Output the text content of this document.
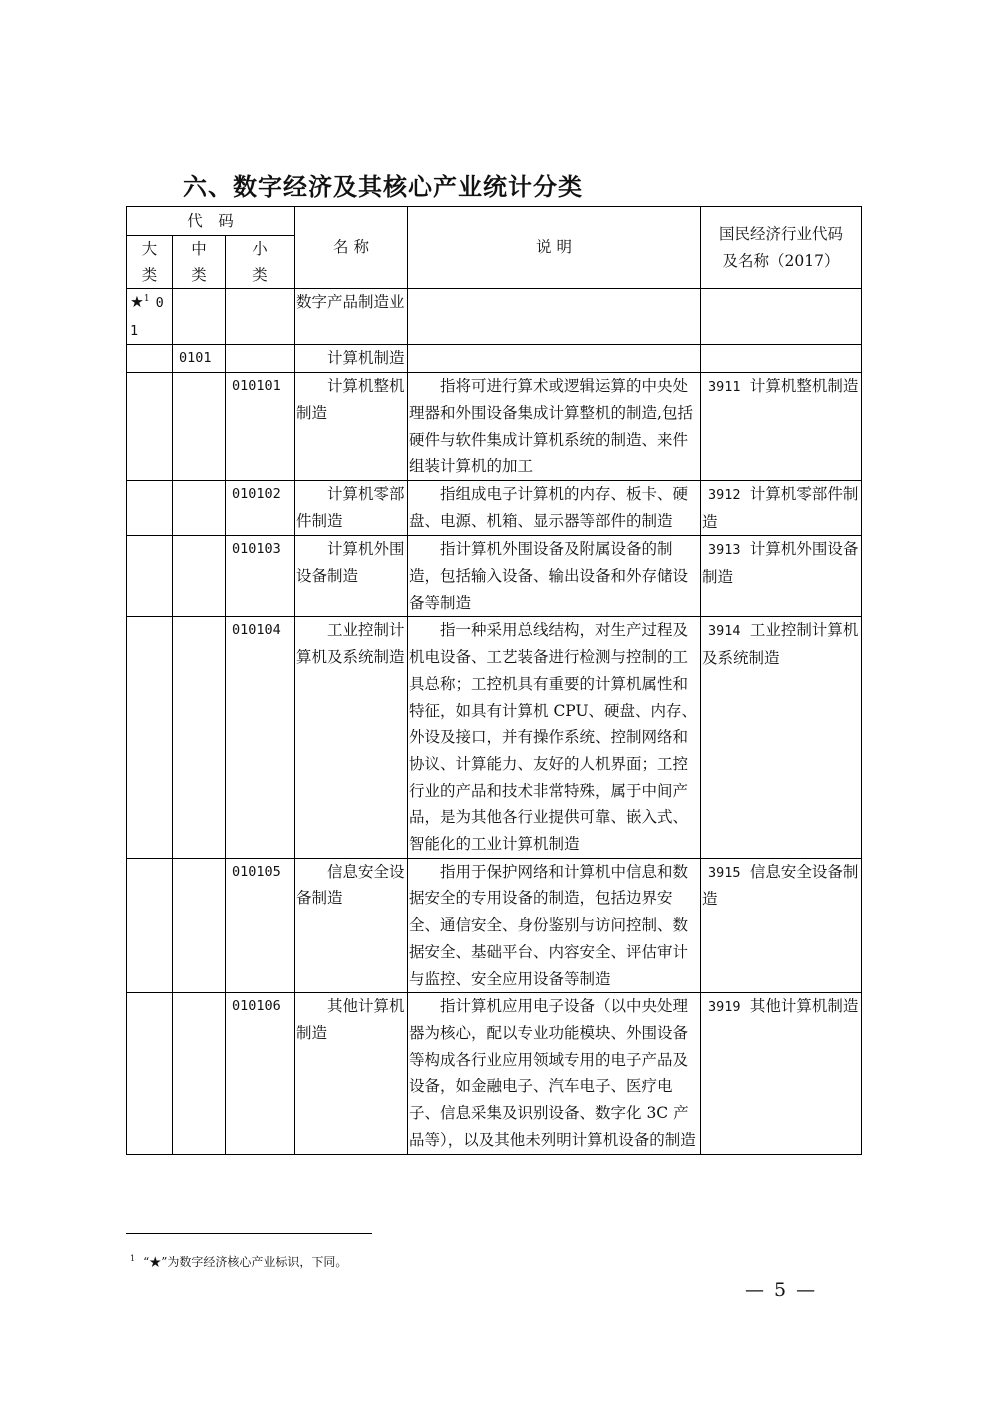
六、数字经济及其核心产业统计分类
代　码			名 称	说 明	国民经济行业代码及名称（2017）

大类	中类	小类			

★$^1$ 01			数字产品制造业		
	0101		计算机制造		
		010101	计算机整机制造	指将可进行算术或逻辑运算的中央处理器和外围设备集成计算整机的制造,包括硬件与软件集成计算机系统的制造、来件组装计算机的加工	3911 计算机整机制造
		010102	计算机零部件制造	指组成电子计算机的内存、板卡、硬盘、电源、机箱、显示器等部件的制造	3912 计算机零部件制造
		010103	计算机外围设备制造	指计算机外围设备及附属设备的制造，包括输入设备、输出设备和外存储设备等制造	3913 计算机外围设备制造
		010104	工业控制计算机及系统制造	指一种采用总线结构，对生产过程及机电设备、工艺装备进行检测与控制的工具总称；工控机具有重要的计算机属性和特征，如具有计算机 CPU、硬盘、内存、外设及接口，并有操作系统、控制网络和协议、计算能力、友好的人机界面；工控行业的产品和技术非常特殊，属于中间产品，是为其他各行业提供可靠、嵌入式、智能化的工业计算机制造	3914 工业控制计算机及系统制造
		010105	信息安全设备制造	指用于保护网络和计算机中信息和数据安全的专用设备的制造，包括边界安全、通信安全、身份鉴别与访问控制、数据安全、基础平台、内容安全、评估审计与监控、安全应用设备等制造	3915 信息安全设备制造
		010106	其他计算机制造	指计算机应用电子设备（以中央处理器为核心，配以专业功能模块、外围设备等构成各行业应用领域专用的电子产品及设备，如金融电子、汽车电子、医疗电子、信息采集及识别设备、数字化 3C 产品等），以及其他未列明计算机设备的制造	3919 其他计算机制造
$^1$ “★”为数字经济核心产业标识，下同。
— 5 —
